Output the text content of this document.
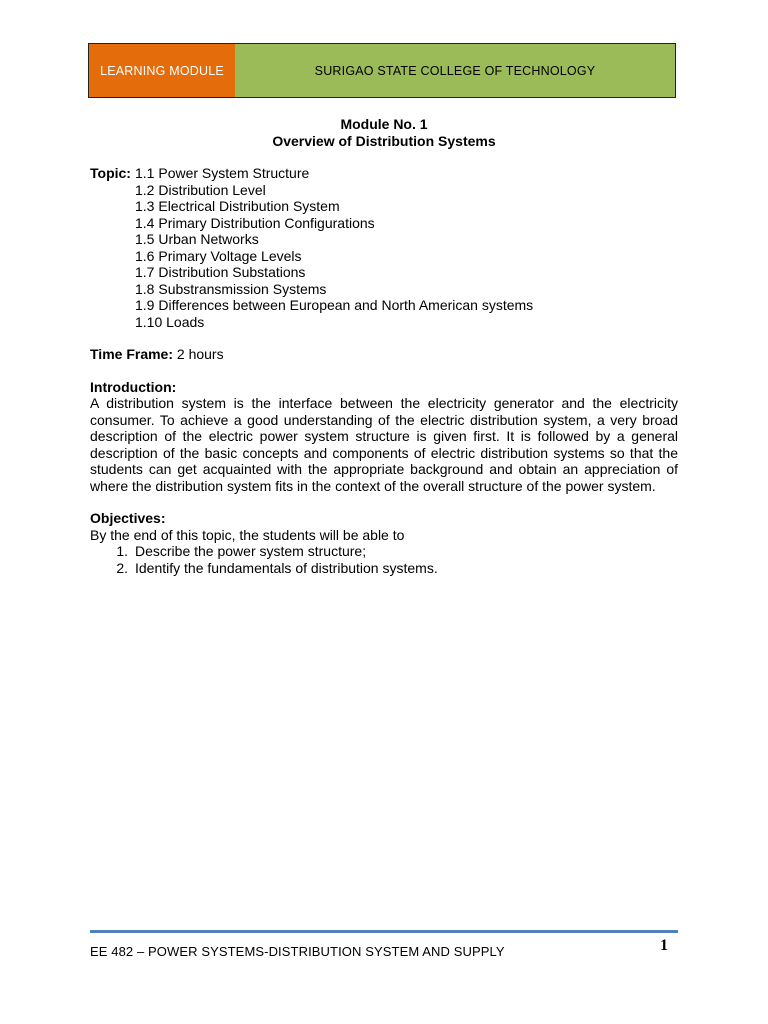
LEARNING MODULE	SURIGAO STATE COLLEGE OF TECHNOLOGY

Module No. 1

Overview of Distribution Systems

Topic: 1.1 Power System Structure
1.2 Distribution Level
1.3 Electrical Distribution System
1.4 Primary Distribution Configurations
1.5 Urban Networks
1.6 Primary Voltage Levels
1.7 Distribution Substations
1.8 Substransmission Systems
1.9 Differences between European and North American systems
1.10 Loads
Time Frame: 2 hours
Introduction:

A distribution system is the interface between the electricity generator and the electricity consumer. To achieve a good understanding of the electric distribution system, a very broad description of the electric power system structure is given first. It is followed by a general description of the basic concepts and components of electric distribution systems so that the students can get acquainted with the appropriate background and obtain an appreciation of where the distribution system fits in the context of the overall structure of the power system.

Objectives:
By the end of this topic, the students will be able to
1. Describe the power system structure;
2. Identify the fundamentals of distribution systems.
EE 482 – POWER SYSTEMS-DISTRIBUTION SYSTEM AND SUPPLY	1
